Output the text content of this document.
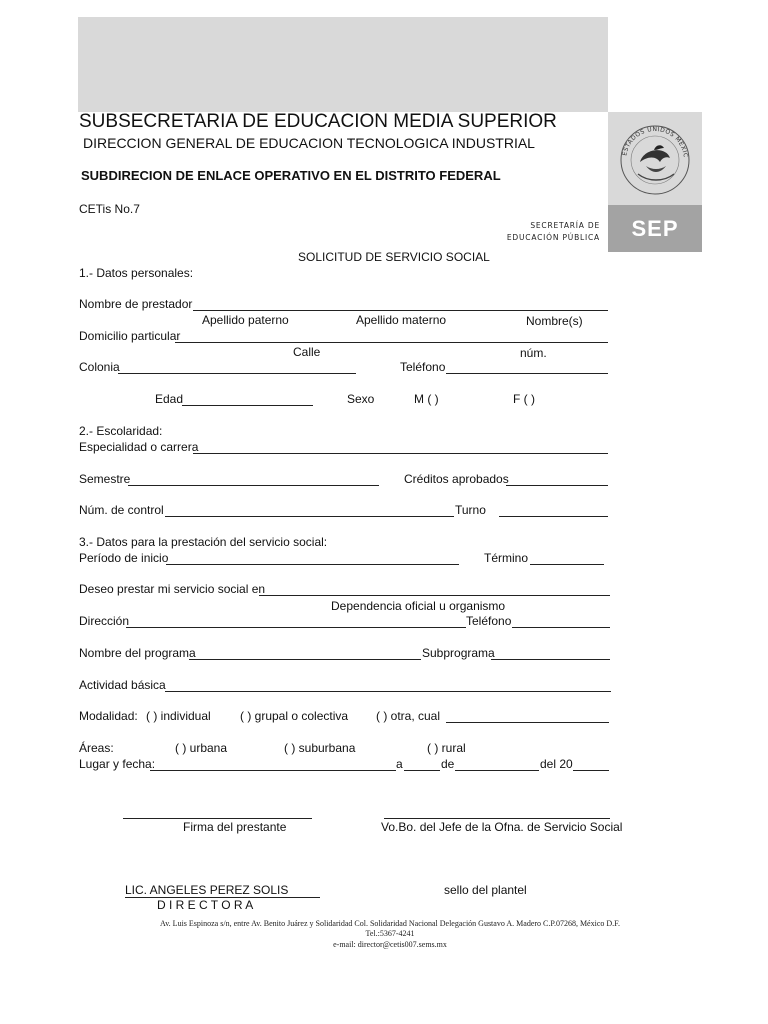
ESTADOS UNIDOS MEXIC
SEP
SECRETARÍA DE
EDUCACIÓN PÚBLICA
SUBSECRETARIA DE EDUCACION MEDIA SUPERIOR
DIRECCION GENERAL DE EDUCACION TECNOLOGICA INDUSTRIAL
SUBDIRECION DE ENLACE OPERATIVO EN EL DISTRITO FEDERAL
CETis No.7
SOLICITUD DE SERVICIO SOCIAL
1.- Datos personales:
Nombre de prestador
Apellido paterno	Apellido materno	Nombre(s)
Domicilio particular
Calle	núm.
Colonia	Teléfono
Edad	Sexo	M ( )	F ( )
2.- Escolaridad:
Especialidad o carrera
Semestre	Créditos aprobados
Núm. de control	Turno
3.- Datos para la prestación del servicio social:
Período de inicio	Término
Deseo prestar mi servicio social en
Dependencia oficial u organismo
Dirección	Teléfono
Nombre del programa	Subprograma
Actividad básica
Modalidad: ( ) individual ( ) grupal o colectiva ( ) otra, cual
Áreas:	( ) urbana	( ) suburbana	( ) rural
Lugar y fecha:	a	de	del 20
Firma del prestante	Vo.Bo. del Jefe de la Ofna. de Servicio Social
LIC. ANGELES PEREZ SOLIS
D I R E C T O R A
sello del plantel
Av. Luis Espinoza s/n, entre Av. Benito Juárez y Solidaridad Col. Solidaridad Nacional Delegación Gustavo A. Madero C.P.07268, México D.F.
Tel.:5367-4241
e-mail: director@cetis007.sems.mx
